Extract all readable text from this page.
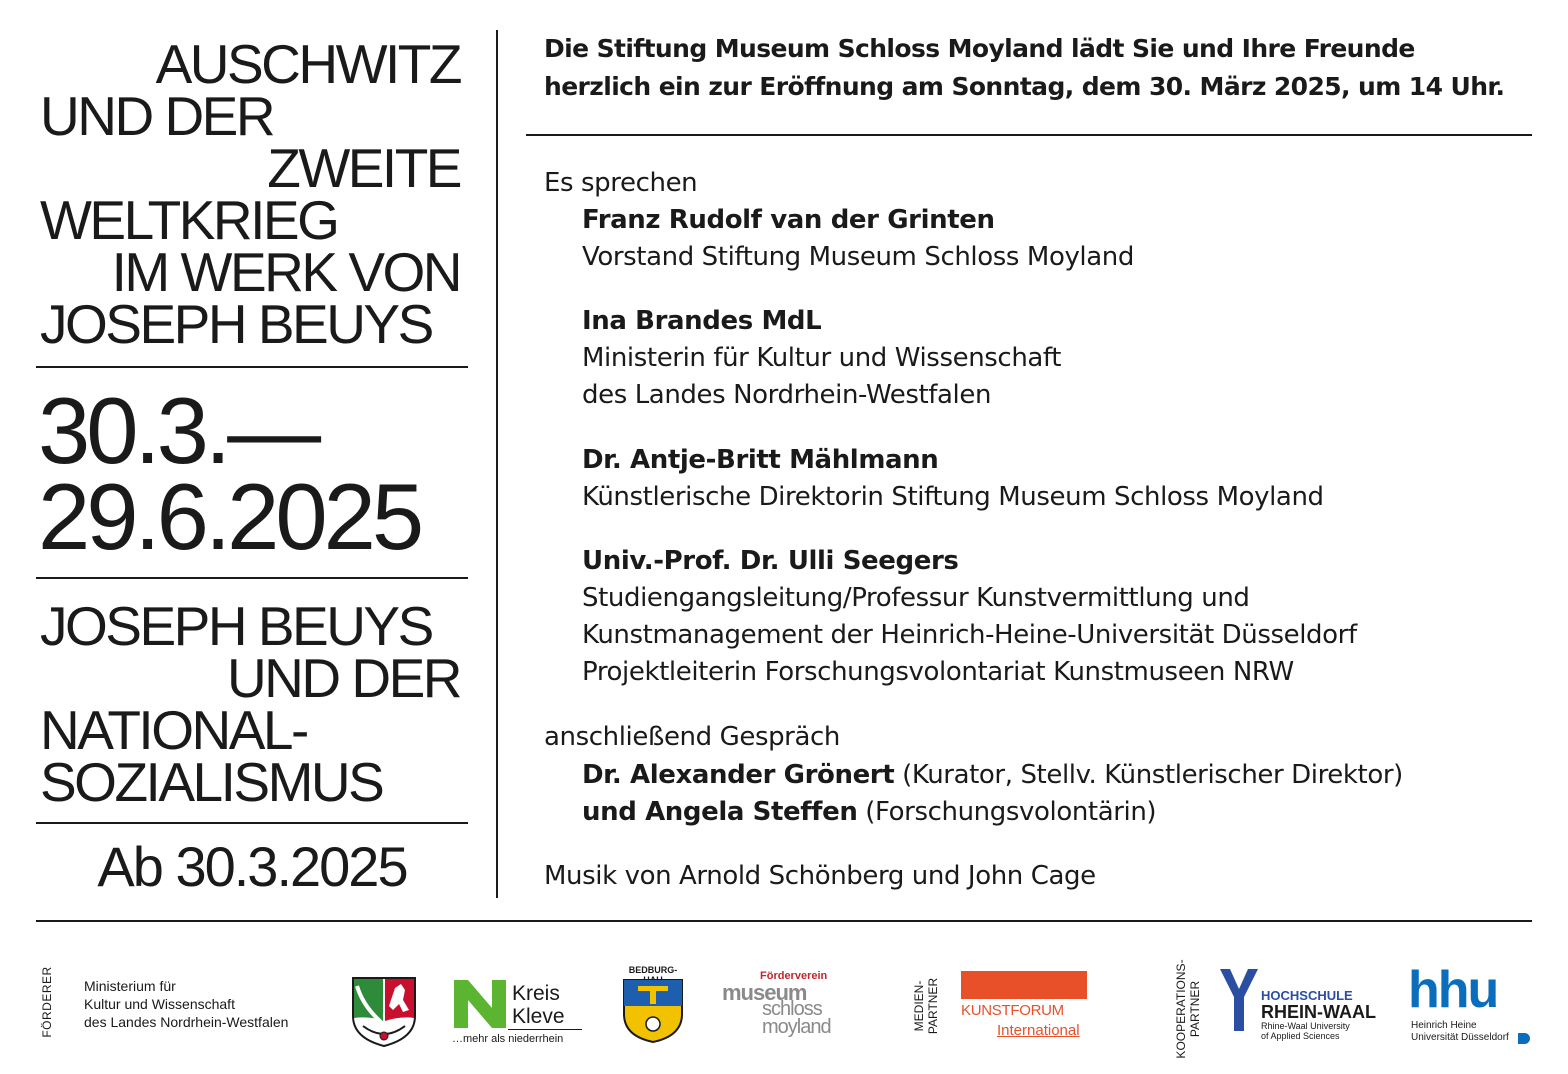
AUSCHWITZ
UND DER
ZWEITE
WELTKRIEG
IM WERK VON
JOSEPH BEUYS
30.3.—
29.6.2025
JOSEPH BEUYS
UND DER
NATIONAL-
SOZIALISMUS
Ab 30.3.2025
Die Stiftung Museum Schloss Moyland lädt Sie und Ihre Freunde
herzlich ein zur Eröffnung am Sonntag, dem 30. März 2025, um 14 Uhr.
Es sprechen
Franz Rudolf van der Grinten
Vorstand Stiftung Museum Schloss Moyland
Ina Brandes MdL
Ministerin für Kultur und Wissenschaft
des Landes Nordrhein-Westfalen
Dr. Antje-Britt Mählmann
Künstlerische Direktorin Stiftung Museum Schloss Moyland
Univ.-Prof. Dr. Ulli Seegers
Studiengangsleitung/Professur Kunstvermittlung und
Kunstmanagement der Heinrich-Heine-Universität Düsseldorf
Projektleiterin Forschungsvolontariat Kunstmuseen NRW
anschließend Gespräch
Dr. Alexander Grönert (Kurator, Stellv. Künstlerischer Direktor)
und Angela Steffen (Forschungsvolontärin)
Musik von Arnold Schönberg und John Cage
FÖRDERER Ministerium für
Kultur und Wissenschaft
des Landes Nordrhein-Westfalen
Kreis
Kleve
…mehr als niederrhein
BEDBURG-	Förderverein
museum
schloss
moyland	MEDIEN- PARTNER KUNSTFORUM
International	KOOPERATIONS- PARTNER	HOCHSCHULE
RHEIN-WAAL
Rhine-Waal University
of Applied Sciences
hhu
Heinrich Heine
Universität Düsseldorf
